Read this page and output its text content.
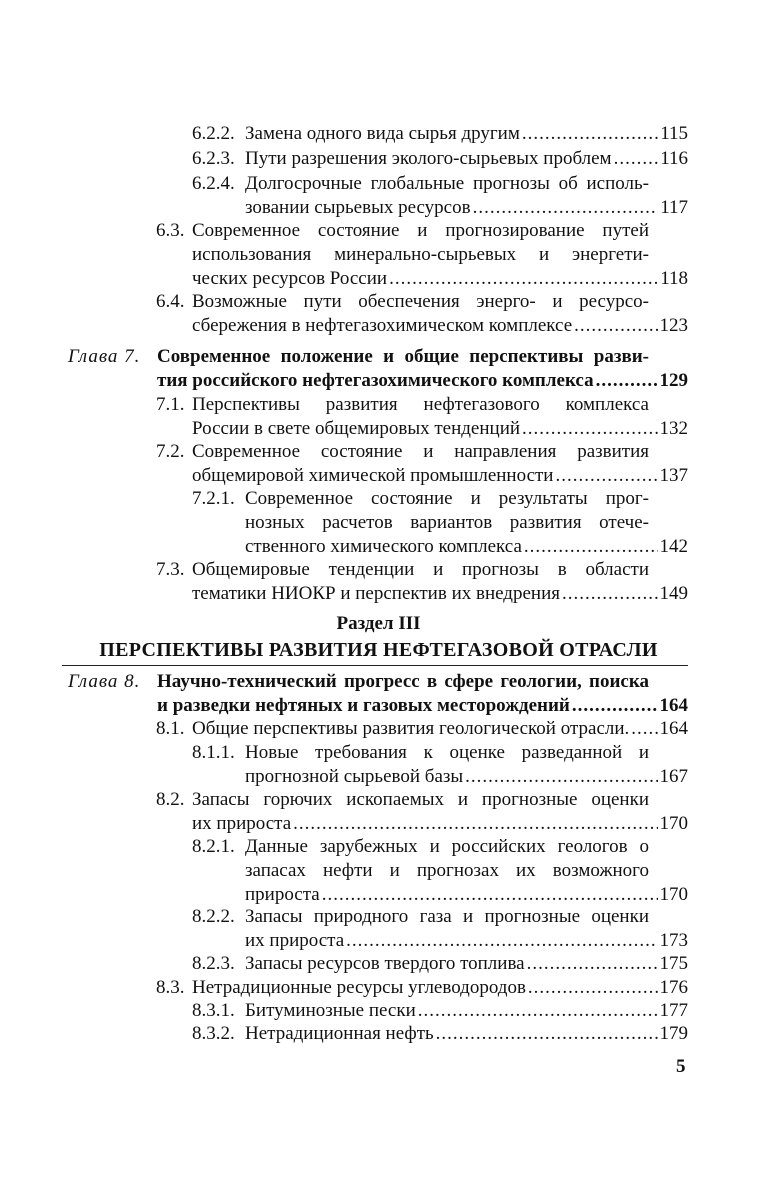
6.2.2. Замена одного вида сырья другим .....	115
6.2.3. Пути разрешения эколого-сырьевых проблем .....	116
6.2.4. Долгосрочные глобальные прогнозы об исполь-
зовании сырьевых ресурсов .....	117
6.3. Современное состояние и прогнозирование путей
использования минерально-сырьевых и энергети-
ческих ресурсов России .....	118
6.4. Возможные пути обеспечения энерго- и ресурсо-
сбережения в нефтегазохимическом комплексе .....	123
Глава 7. Современное положение и общие перспективы разви-
тия российского нефтегазохимического комплекса .....	129
7.1. Перспективы развития нефтегазового комплекса
России в свете общемировых тенденций .....	132
7.2. Современное состояние и направления развития
общемировой химической промышленности .....	137
7.2.1. Современное состояние и результаты прог-
нозных расчетов вариантов развития отече-
ственного химического комплекса .....	142
7.3. Общемировые тенденции и прогнозы в области
тематики НИОКР и перспектив их внедрения .....	149
Раздел III
ПЕРСПЕКТИВЫ РАЗВИТИЯ НЕФТЕГАЗОВОЙ ОТРАСЛИ
Глава 8. Научно-технический прогресс в сфере геологии, поиска
и разведки нефтяных и газовых месторождений .....	164
8.1. Общие перспективы развития геологической отрасли. ..... 164
8.1.1. Новые требования к оценке разведанной и
прогнозной сырьевой базы .....	167
8.2. Запасы горючих ископаемых и прогнозные оценки
их прироста .....	170
8.2.1. Данные зарубежных и российских геологов о
запасах нефти и прогнозах их возможного
прироста .....	170
8.2.2. Запасы природного газа и прогнозные оценки
их прироста .....	173
8.2.3. Запасы ресурсов твердого топлива .....	175
8.3. Нетрадиционные ресурсы углеводородов .....	176
8.3.1. Битуминозные пески .....	177
8.3.2. Нетрадиционная нефть .....	179
5
